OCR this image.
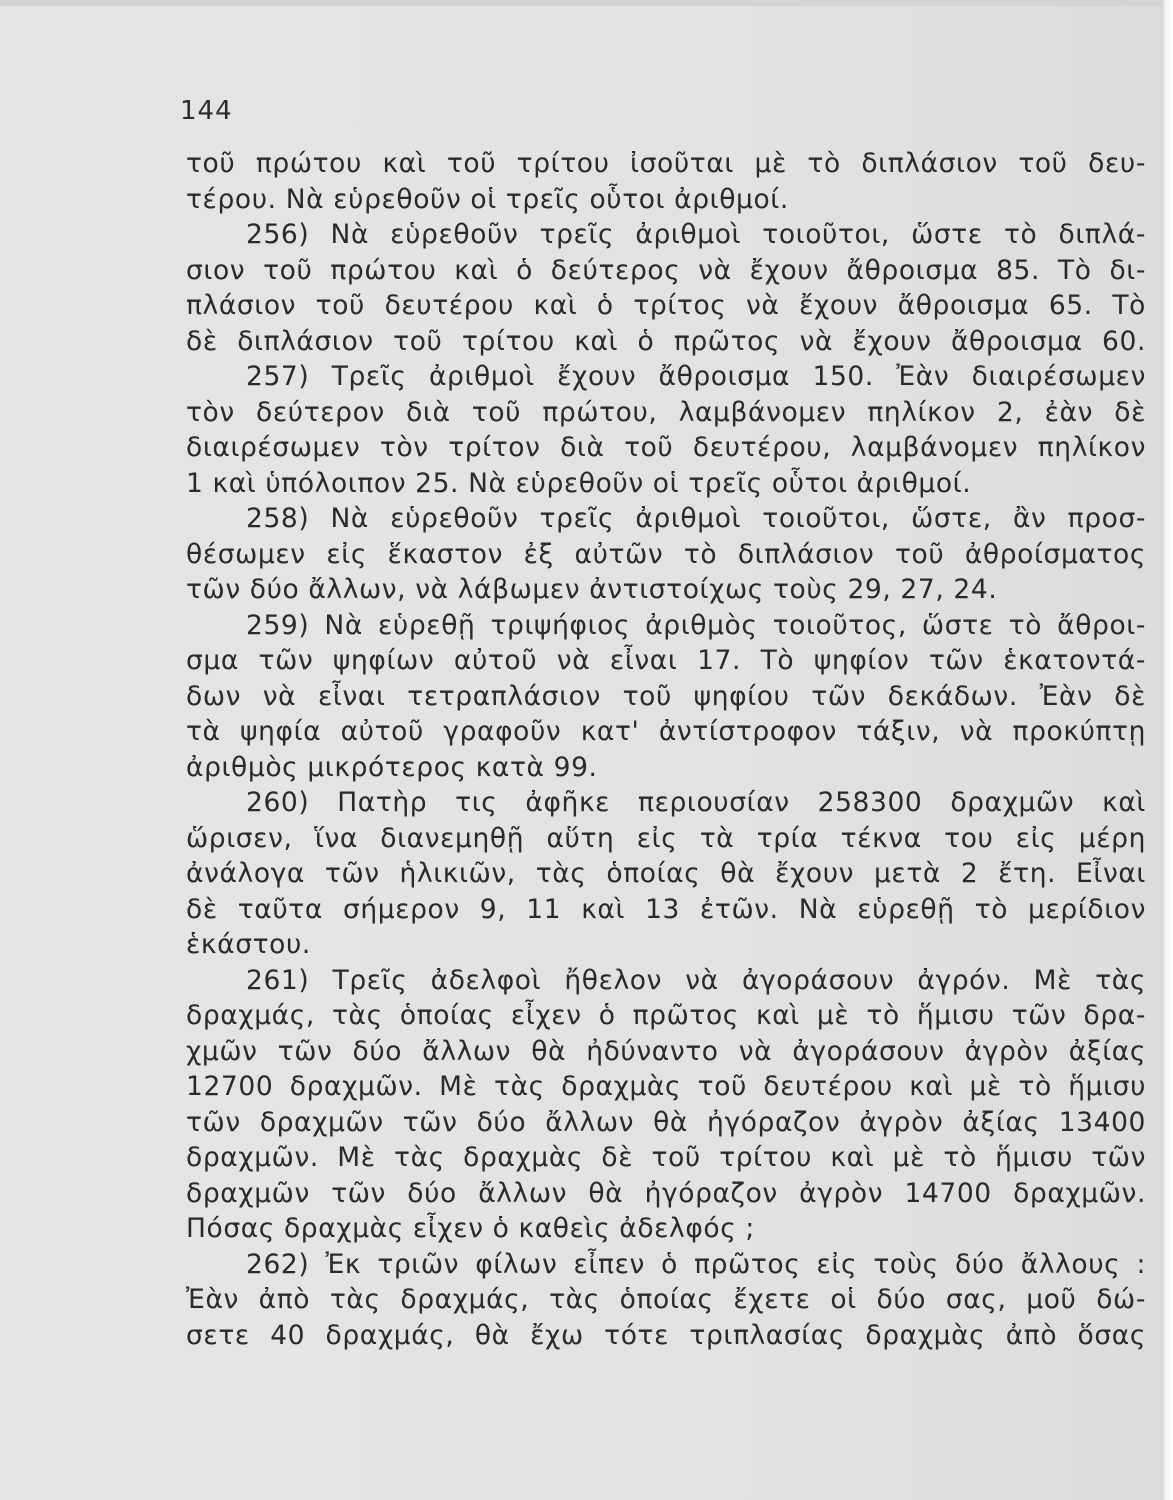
144
τοῦ πρώτου καὶ τοῦ τρίτου ἰσοῦται μὲ τὸ διπλάσιον τοῦ δευ-
τέρου. Νὰ εὑρεθοῦν οἱ τρεῖς οὗτοι ἀριθμοί.
256) Νὰ εὑρεθοῦν τρεῖς ἀριθμοὶ τοιοῦτοι, ὥστε τὸ διπλά-
σιον τοῦ πρώτου καὶ ὁ δεύτερος νὰ ἔχουν ἄθροισμα 85. Τὸ δι-
πλάσιον τοῦ δευτέρου καὶ ὁ τρίτος νὰ ἔχουν ἄθροισμα 65. Τὸ
δὲ διπλάσιον τοῦ τρίτου καὶ ὁ πρῶτος νὰ ἔχουν ἄθροισμα 60.
257) Τρεῖς ἀριθμοὶ ἔχουν ἄθροισμα 150. Ἐὰν διαιρέσωμεν
τὸν δεύτερον διὰ τοῦ πρώτου, λαμβάνομεν πηλίκον 2, ἐὰν δὲ
διαιρέσωμεν τὸν τρίτον διὰ τοῦ δευτέρου, λαμβάνομεν πηλίκον
1 καὶ ὑπόλοιπον 25. Νὰ εὑρεθοῦν οἱ τρεῖς οὗτοι ἀριθμοί.
258) Νὰ εὑρεθοῦν τρεῖς ἀριθμοὶ τοιοῦτοι, ὥστε, ἂν προσ-
θέσωμεν εἰς ἕκαστον ἐξ αὐτῶν τὸ διπλάσιον τοῦ ἀθροίσματος
τῶν δύο ἄλλων, νὰ λάβωμεν ἀντιστοίχως τοὺς 29, 27, 24.
259) Νὰ εὑρεθῇ τριψήφιος ἀριθμὸς τοιοῦτος, ὥστε τὸ ἄθροι-
σμα τῶν ψηφίων αὐτοῦ νὰ εἶναι 17. Τὸ ψηφίον τῶν ἑκατοντά-
δων νὰ εἶναι τετραπλάσιον τοῦ ψηφίου τῶν δεκάδων. Ἐὰν δὲ
τὰ ψηφία αὐτοῦ γραφοῦν κατ' ἀντίστροφον τάξιν, νὰ προκύπτῃ
ἀριθμὸς μικρότερος κατὰ 99.
260) Πατὴρ τις ἀφῆκε περιουσίαν 258300 δραχμῶν καὶ
ὥρισεν, ἵνα διανεμηθῇ αὕτη εἰς τὰ τρία τέκνα του εἰς μέρη
ἀνάλογα τῶν ἡλικιῶν, τὰς ὁποίας θὰ ἔχουν μετὰ 2 ἔτη. Εἶναι
δὲ ταῦτα σήμερον 9, 11 καὶ 13 ἐτῶν. Νὰ εὑρεθῇ τὸ μερίδιον
ἑκάστου.
261) Τρεῖς ἀδελφοὶ ἤθελον νὰ ἀγοράσουν ἀγρόν. Μὲ τὰς
δραχμάς, τὰς ὁποίας εἶχεν ὁ πρῶτος καὶ μὲ τὸ ἥμισυ τῶν δρα-
χμῶν τῶν δύο ἄλλων θὰ ἠδύναντο νὰ ἀγοράσουν ἀγρὸν ἀξίας
12700 δραχμῶν. Μὲ τὰς δραχμὰς τοῦ δευτέρου καὶ μὲ τὸ ἥμισυ
τῶν δραχμῶν τῶν δύο ἄλλων θὰ ἠγόραζον ἀγρὸν ἀξίας 13400
δραχμῶν. Μὲ τὰς δραχμὰς δὲ τοῦ τρίτου καὶ μὲ τὸ ἥμισυ τῶν
δραχμῶν τῶν δύο ἄλλων θὰ ἠγόραζον ἀγρὸν 14700 δραχμῶν.
Πόσας δραχμὰς εἶχεν ὁ καθεὶς ἀδελφός ;
262) Ἐκ τριῶν φίλων εἶπεν ὁ πρῶτος εἰς τοὺς δύο ἄλλους :
Ἐὰν ἀπὸ τὰς δραχμάς, τὰς ὁποίας ἔχετε οἱ δύο σας, μοῦ δώ-
σετε 40 δραχμάς, θὰ ἔχω τότε τριπλασίας δραχμὰς ἀπὸ ὅσας
